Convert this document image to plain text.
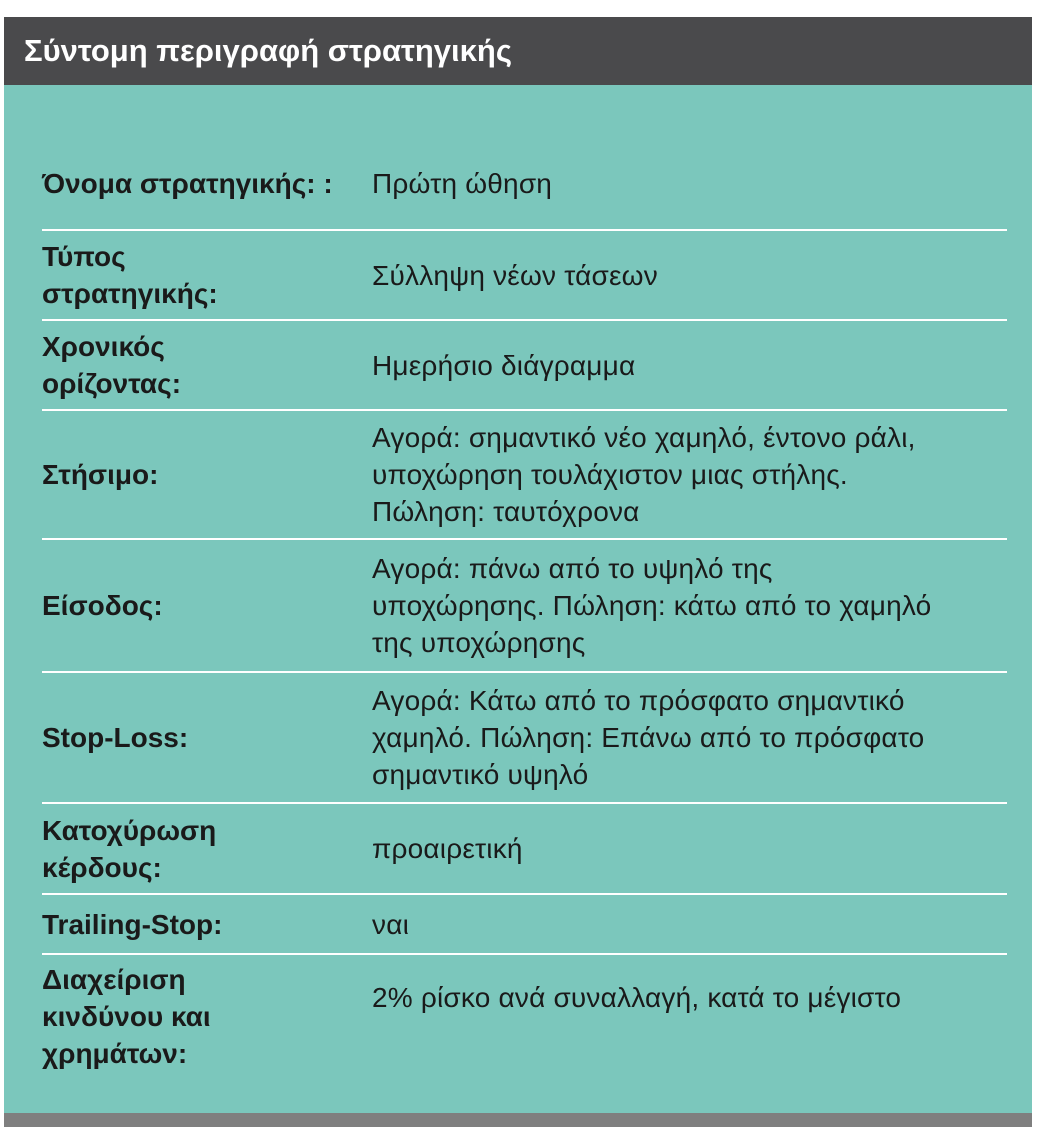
Σύντομη περιγραφή στρατηγικής
Όνομα στρατηγικής: :	Πρώτη ώθηση
Τύπος στρατηγικής:
Σύλληψη νέων τάσεων
Χρονικός ορίζοντας:
Ημερήσιο διάγραμμα
Στήσιμο:
Αγορά: σημαντικό νέο χαμηλό, έντονο ράλι, υποχώρηση τουλάχιστον μιας στήλης. Πώληση: ταυτόχρονα
Είσοδος:
Αγορά: πάνω από το υψηλό της υποχώρησης. Πώληση: κάτω από το χαμηλό της υποχώρησης
Stop-Loss:
Αγορά: Κάτω από το πρόσφατο σημαντικό χαμηλό. Πώληση: Επάνω από το πρόσφατο σημαντικό υψηλό
Κατοχύρωση κέρδους:
προαιρετική
Trailing-Stop:	ναι
Διαχείριση κινδύνου και χρημάτων:
2% ρίσκο ανά συναλλαγή, κατά το μέγιστο
